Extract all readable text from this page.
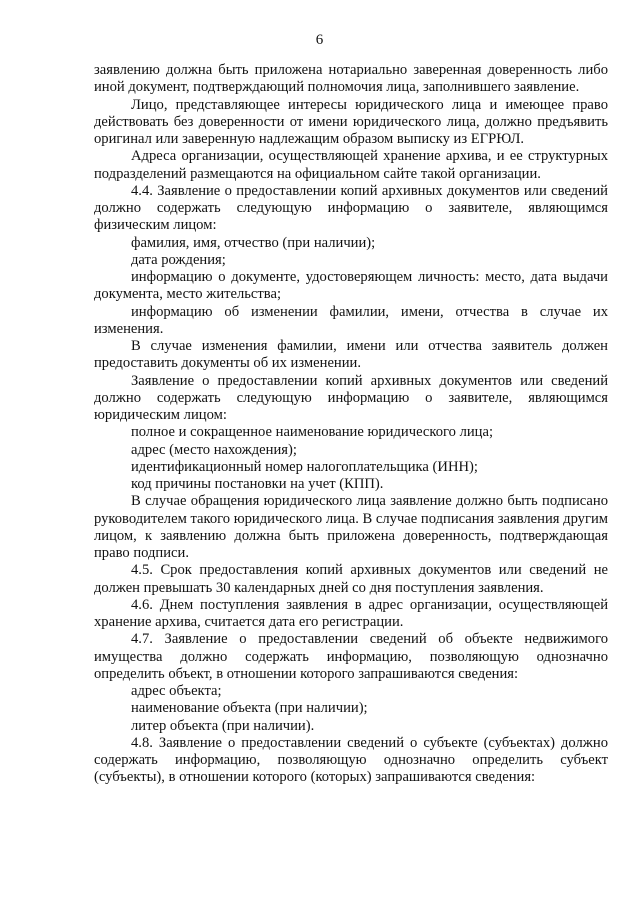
6

заявлению должна быть приложена нотариально заверенная доверенность либо иной документ, подтверждающий полномочия лица, заполнившего заявление.

Лицо, представляющее интересы юридического лица и имеющее право действовать без доверенности от имени юридического лица, должно предъявить оригинал или заверенную надлежащим образом выписку из ЕГРЮЛ.

Адреса организации, осуществляющей хранение архива, и ее структурных подразделений размещаются на официальном сайте такой организации.

4.4. Заявление о предоставлении копий архивных документов или сведений должно содержать следующую информацию о заявителе, являющимся физическим лицом:

фамилия, имя, отчество (при наличии);

дата рождения;

информацию о документе, удостоверяющем личность: место, дата выдачи документа, место жительства;

информацию об изменении фамилии, имени, отчества в случае их изменения.

В случае изменения фамилии, имени или отчества заявитель должен предоставить документы об их изменении.

Заявление о предоставлении копий архивных документов или сведений должно содержать следующую информацию о заявителе, являющимся юридическим лицом:

полное и сокращенное наименование юридического лица;

адрес (место нахождения);

идентификационный номер налогоплательщика (ИНН);

код причины постановки на учет (КПП).

В случае обращения юридического лица заявление должно быть подписано руководителем такого юридического лица. В случае подписания заявления другим лицом, к заявлению должна быть приложена доверенность, подтверждающая право подписи.

4.5. Срок предоставления копий архивных документов или сведений не должен превышать 30 календарных дней со дня поступления заявления.

4.6. Днем поступления заявления в адрес организации, осуществляющей хранение архива, считается дата его регистрации.

4.7. Заявление о предоставлении сведений об объекте недвижимого имущества должно содержать информацию, позволяющую однозначно определить объект, в отношении которого запрашиваются сведения:

адрес объекта;

наименование объекта (при наличии);

литер объекта (при наличии).

4.8. Заявление о предоставлении сведений о субъекте (субъектах) должно содержать информацию, позволяющую однозначно определить субъект (субъекты), в отношении которого (которых) запрашиваются сведения:
